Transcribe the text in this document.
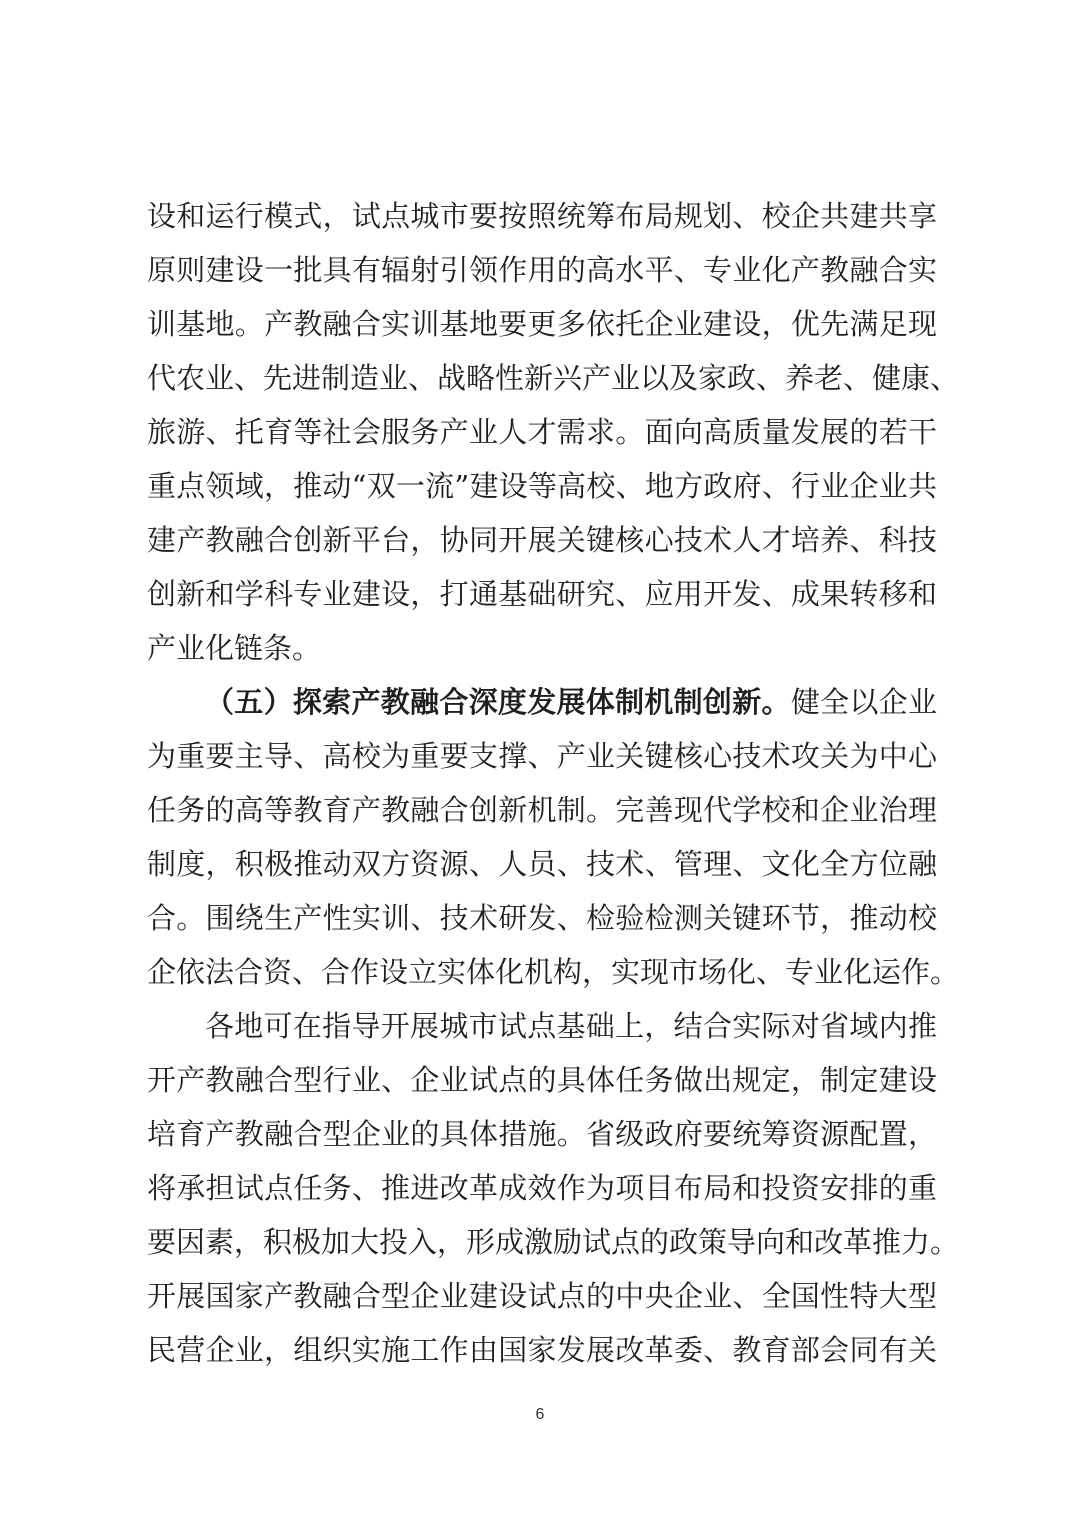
设和运行模式，试点城市要按照统筹布局规划、校企共建共享
原则建设一批具有辐射引领作用的高水平、专业化产教融合实
训基地。产教融合实训基地要更多依托企业建设，优先满足现
代农业、先进制造业、战略性新兴产业以及家政、养老、健康、
旅游、托育等社会服务产业人才需求。面向高质量发展的若干
重点领域，推动“双一流”建设等高校、地方政府、行业企业共
建产教融合创新平台，协同开展关键核心技术人才培养、科技
创新和学科专业建设，打通基础研究、应用开发、成果转移和
产业化链条。
（五）探索产教融合深度发展体制机制创新。健全以企业
为重要主导、高校为重要支撑、产业关键核心技术攻关为中心
任务的高等教育产教融合创新机制。完善现代学校和企业治理
制度，积极推动双方资源、人员、技术、管理、文化全方位融
合。围绕生产性实训、技术研发、检验检测关键环节，推动校
企依法合资、合作设立实体化机构，实现市场化、专业化运作。
各地可在指导开展城市试点基础上，结合实际对省域内推
开产教融合型行业、企业试点的具体任务做出规定，制定建设
培育产教融合型企业的具体措施。省级政府要统筹资源配置，
将承担试点任务、推进改革成效作为项目布局和投资安排的重
要因素，积极加大投入，形成激励试点的政策导向和改革推力。
开展国家产教融合型企业建设试点的中央企业、全国性特大型
民营企业，组织实施工作由国家发展改革委、教育部会同有关
6
